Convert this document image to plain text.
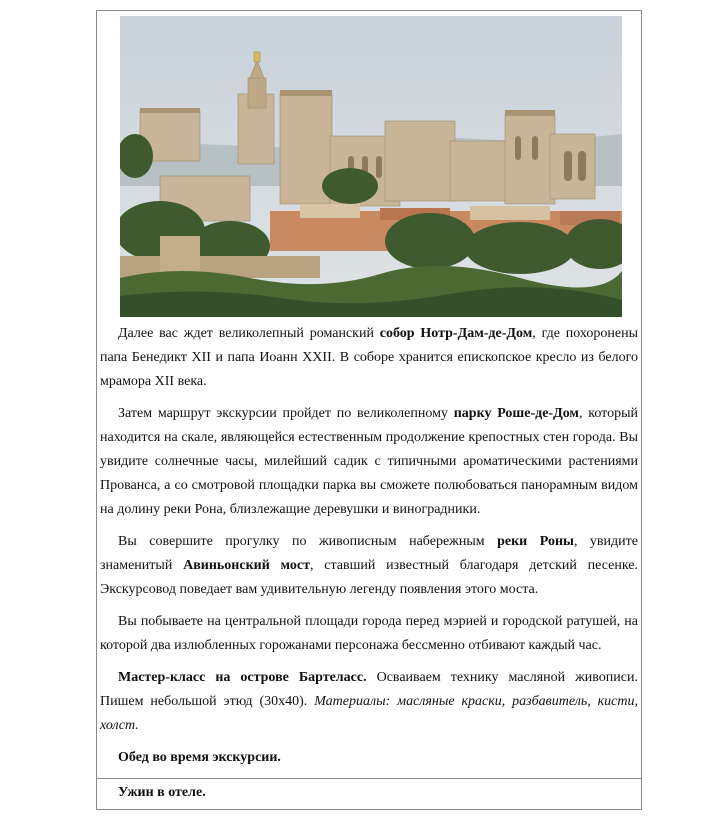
Далее вас ждет великолепный романский собор Нотр-Дам-де-Дом, где похоронены папа Бенедикт XII и папа Иоанн XXII. В соборе хранится епископское кресло из белого мрамора XII века.

Затем маршрут экскурсии пройдет по великолепному парку Роше-де-Дом, который находится на скале, являющейся естественным продолжение крепостных стен города. Вы увидите солнечные часы, милейший садик с типичными ароматическими растениями Прованса, а со смотровой площадки парка вы сможете полюбоваться панорамным видом на долину реки Рона, близлежащие деревушки и виноградники.

Вы совершите прогулку по живописным набережным реки Роны, увидите знаменитый Авиньонский мост, ставший известный благодаря детский песенке. Экскурсовод поведает вам удивительную легенду появления этого моста.

Вы побываете на центральной площади города перед мэрией и городской ратушей, на которой два излюбленных горожанами персонажа бессменно отбивают каждый час.

Мастер-класс на острове Бартеласс. Осваиваем технику масляной живописи. Пишем небольшой этюд (30х40). Материалы: масляные краски, разбавитель, кисти, холст.

Обед во время экскурсии.

Ужин в отеле.
